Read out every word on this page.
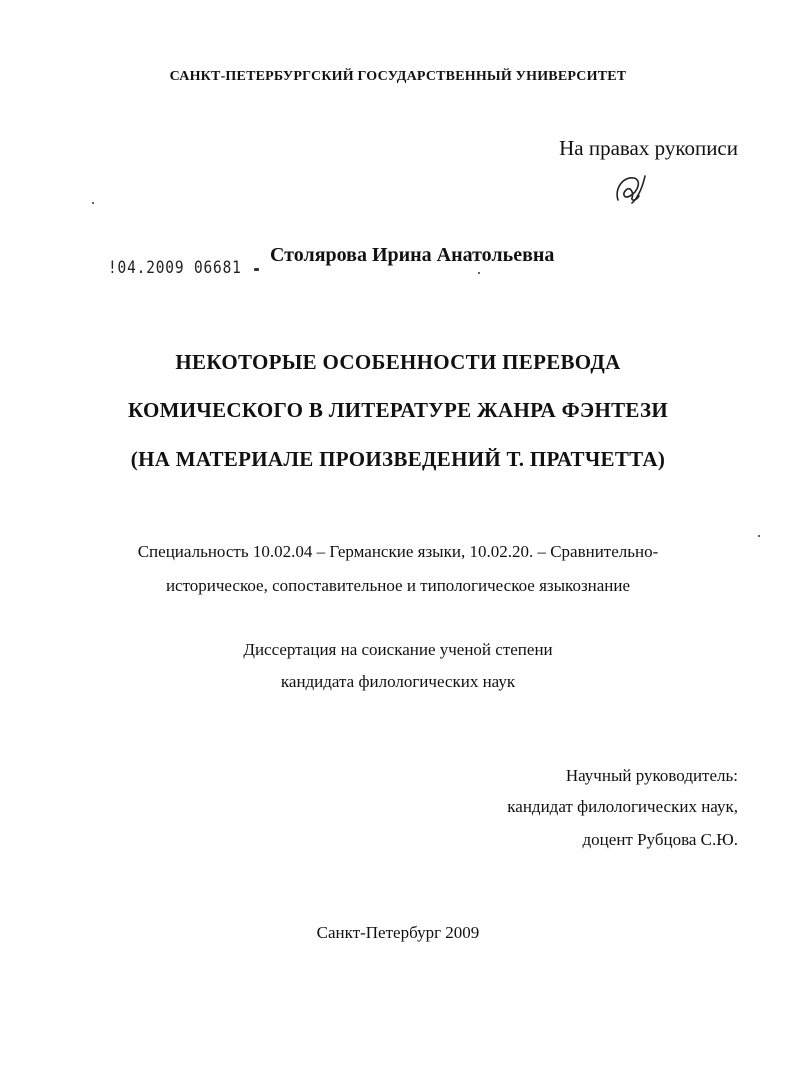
САНКТ-ПЕТЕРБУРГСКИЙ ГОСУДАРСТВЕННЫЙ УНИВЕРСИТЕТ
На правах рукописи
!04.2009 06681
Столярова Ирина Анатольевна
НЕКОТОРЫЕ ОСОБЕННОСТИ ПЕРЕВОДА
КОМИЧЕСКОГО В ЛИТЕРАТУРЕ ЖАНРА ФЭНТЕЗИ
(НА МАТЕРИАЛЕ ПРОИЗВЕДЕНИЙ Т. ПРАТЧЕТТА)
Специальность 10.02.04 – Германские языки, 10.02.20. – Сравнительно-
историческое, сопоставительное и типологическое языкознание
Диссертация на соискание ученой степени
кандидата филологических наук
Научный руководитель:
кандидат филологических наук,
доцент Рубцова С.Ю.
Санкт-Петербург 2009
